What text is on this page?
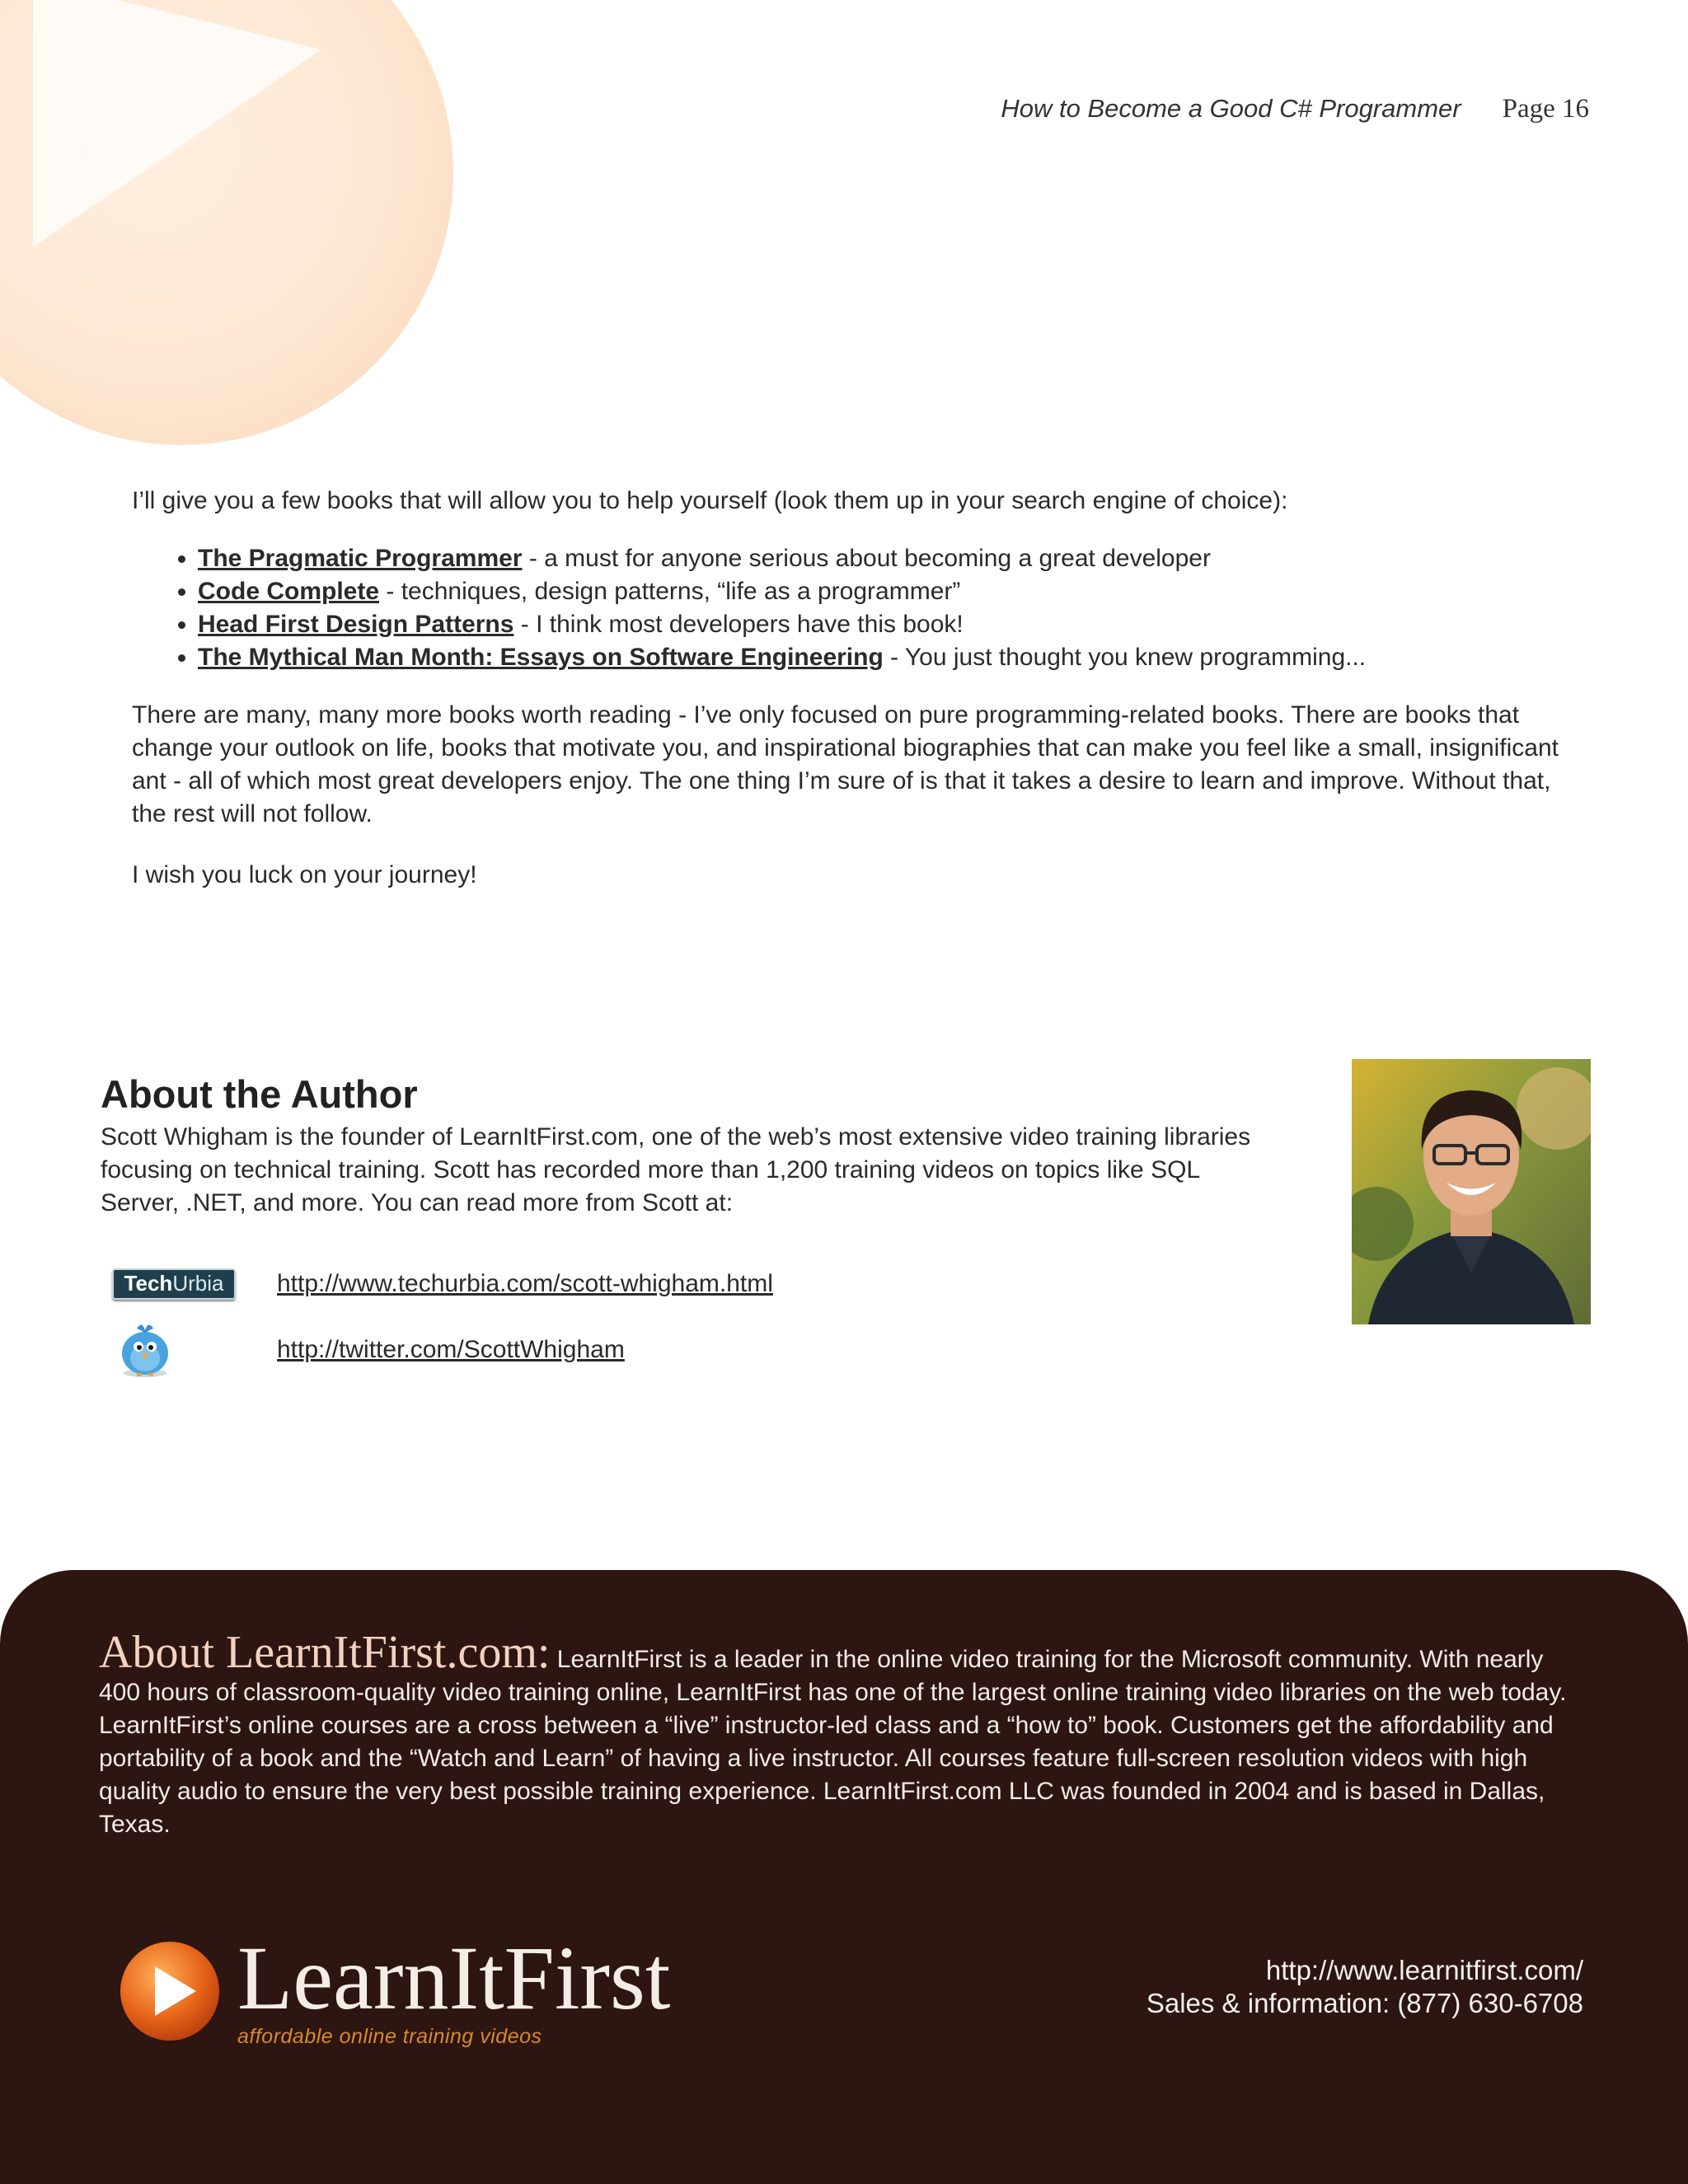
How to Become a Good C# Programmer Page 16

I’ll give you a few books that will allow you to help yourself (look them up in your search engine of choice):

• The Pragmatic Programmer - a must for anyone serious about becoming a great developer
• Code Complete - techniques, design patterns, “life as a programmer”
• Head First Design Patterns - I think most developers have this book!
• The Mythical Man Month: Essays on Software Engineering - You just thought you knew programming...

There are many, many more books worth reading - I’ve only focused on pure programming-related books. There are books that change your outlook on life, books that motivate you, and inspirational biographies that can make you feel like a small, insignificant ant - all of which most great developers enjoy. The one thing I’m sure of is that it takes a desire to learn and improve. Without that, the rest will not follow.

I wish you luck on your journey!

About the Author

Scott Whigham is the founder of LearnItFirst.com, one of the web’s most extensive video training libraries focusing on technical training. Scott has recorded more than 1,200 training videos on topics like SQL Server, .NET, and more. You can read more from Scott at:

TechUrbia	http://www.techurbia.com/scott-whigham.html
http://twitter.com/ScottWhigham
About LearnItFirst.com: LearnItFirst is a leader in the online video training for the Microsoft community. With nearly 400 hours of classroom-quality video training online, LearnItFirst has one of the largest online training video libraries on the web today. LearnItFirst’s online courses are a cross between a “live” instructor-led class and a “how to” book. Customers get the affordability and portability of a book and the “Watch and Learn” of having a live instructor. All courses feature full-screen resolution videos with high quality audio to ensure the very best possible training experience. LearnItFirst.com LLC was founded in 2004 and is based in Dallas, Texas.
LearnItFirst
affordable online training videos
http://www.learnitfirst.com/
Sales & information: (877) 630-6708
